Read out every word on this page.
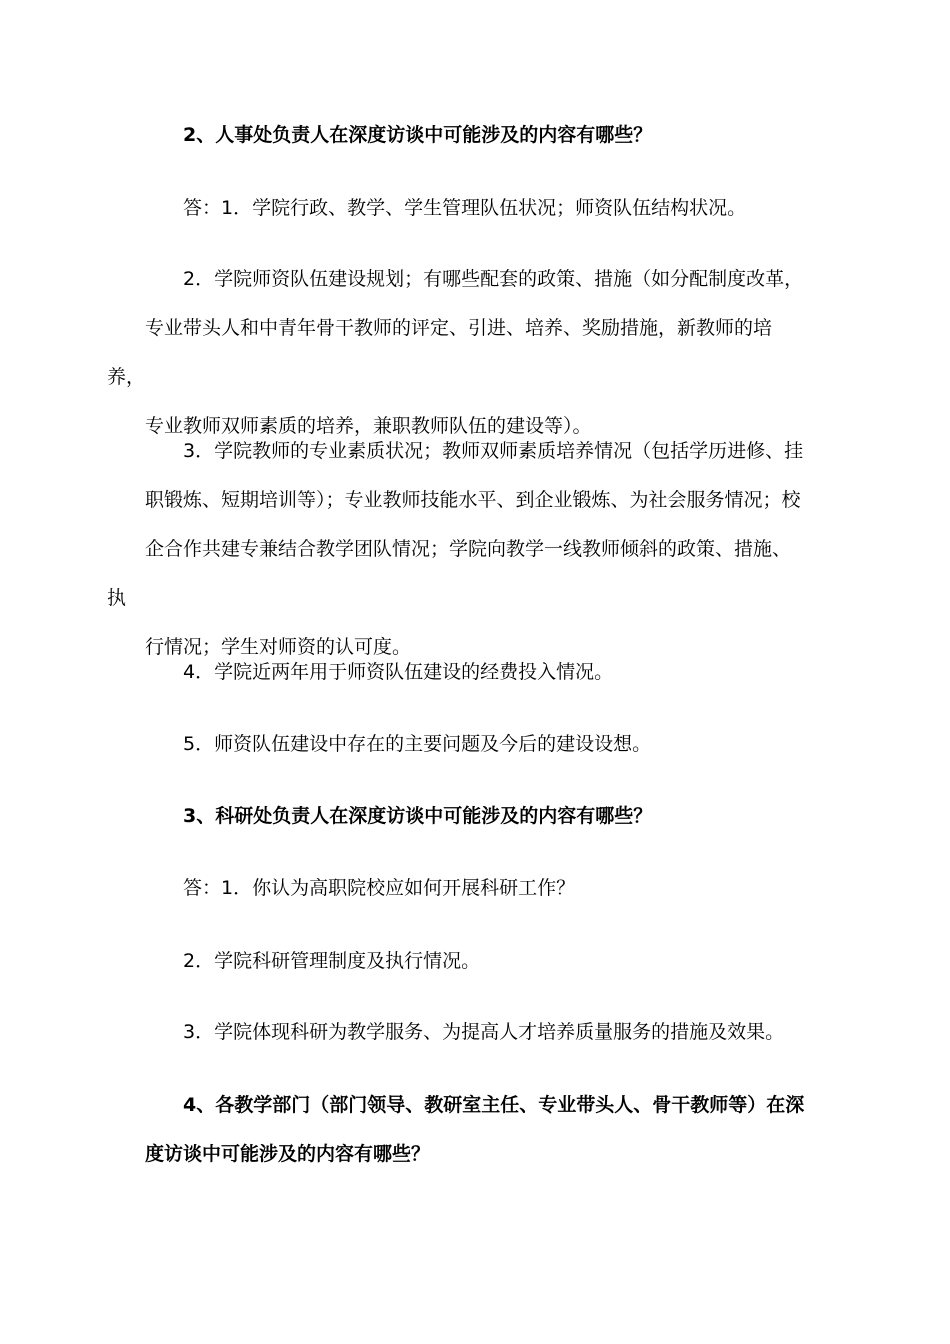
2、人事处负责人在深度访谈中可能涉及的内容有哪些？

答：1．学院行政、教学、学生管理队伍状况；师资队伍结构状况。

2．学院师资队伍建设规划；有哪些配套的政策、措施（如分配制度改革，
专业带头人和中青年骨干教师的评定、引进、培养、奖励措施，新教师的培养，
专业教师双师素质的培养，兼职教师队伍的建设等）。

3．学院教师的专业素质状况；教师双师素质培养情况（包括学历进修、挂
职锻炼、短期培训等）；专业教师技能水平、到企业锻炼、为社会服务情况；校
企合作共建专兼结合教学团队情况；学院向教学一线教师倾斜的政策、措施、执
行情况；学生对师资的认可度。

4．学院近两年用于师资队伍建设的经费投入情况。

5．师资队伍建设中存在的主要问题及今后的建设设想。

3、科研处负责人在深度访谈中可能涉及的内容有哪些？

答：1．你认为高职院校应如何开展科研工作？

2．学院科研管理制度及执行情况。

3．学院体现科研为教学服务、为提高人才培养质量服务的措施及效果。

4、各教学部门（部门领导、教研室主任、专业带头人、骨干教师等）在深
度访谈中可能涉及的内容有哪些？
